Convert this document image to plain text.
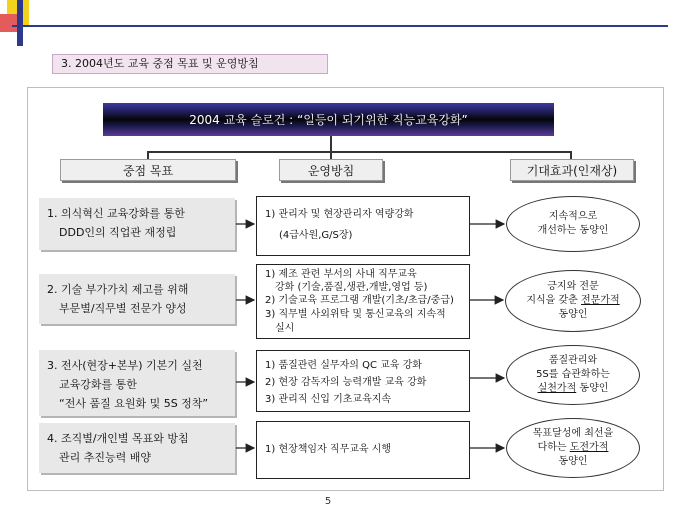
3. 2004년도 교육 중점 목표 및 운영방침
2004 교육 슬로건 : “일등이 되기위한 직능교육강화”
중점 목표	운영방침	기대효과(인재상)
1. 의식혁신 교육강화를 통한
DDD인의 직업관 재정립
1) 관리자 및 현장관리자 역량강화
(4급사원,G/S장)
지속적으로
개선하는 동양인
2. 기술 부가가치 제고를 위해
부문별/직무별 전문가 양성
1) 제조 관련 부서의 사내 직무교육
강화 (기술,품질,생관,개발,영업 등)
2) 기술교육 프로그램 개발(기초/초급/중급)
3) 직무별 사외위탁 및 통신교육의 지속적
실시
긍지와 전문
지식을 갖춘 전문가적
동양인
3. 전사(현장+본부) 기본기 실천
교육강화를 통한
“전사 품질 요원화 및 5S 정착”
1) 품질관련 실무자의 QC 교육 강화
2) 현장 감독자의 능력개발 교육 강화
3) 관리직 신입 기초교육지속
품질관리와
5S를 습관화하는
실천가적 동양인
4. 조직별/개인별 목표와 방침
관리 추진능력 배양
1) 현장책임자 직무교육 시행
목표달성에 최선을
다하는 도전가적
동양인
5
